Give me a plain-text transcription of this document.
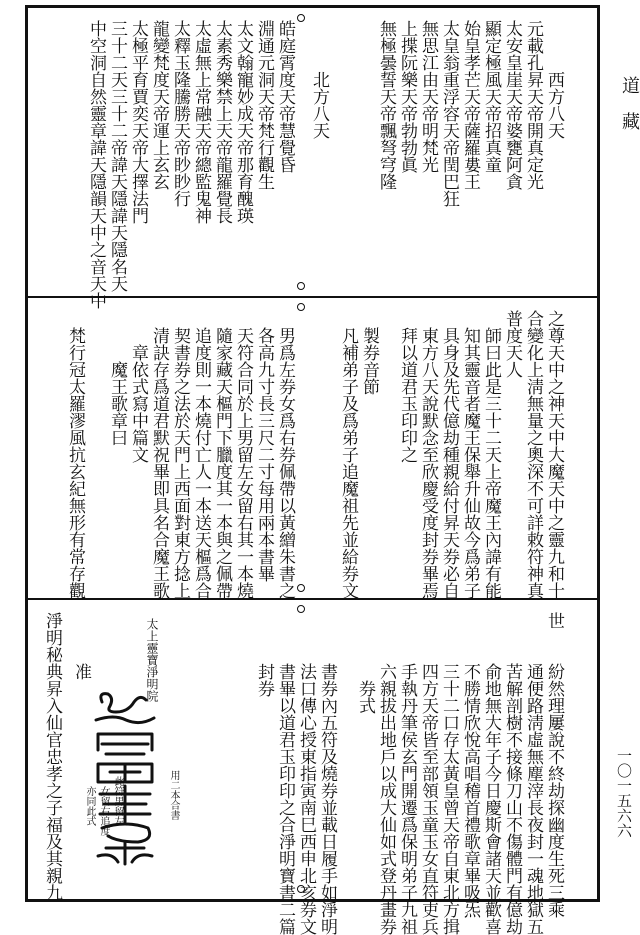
道　藏
一〇一五六六
　　　西方八天
元載孔昇天帝開真定光
太安皇崖天帝婆甕阿貪
顯定極風天帝招真童
始皇孝芒天帝薩羅婁王
太皇翁重浮容天帝閏巴狂
無思江由天帝明梵光
上揲阮樂天帝勃勃眞
無極曇誓天帝飄弩穹隆
　　　北方八天
皓庭霄度天帝慧覺昏
淵通元洞天帝梵行觀生
太文翰寵妙成天帝那育醜瑛
太素秀樂禁上天帝龍羅覺長
太虛無上常融天帝總監鬼神
太釋玉隆騰勝天帝眇眇行
龍變梵度天帝運上玄玄
太極平育賈奕天帝大擇法門
三十二天三十二帝諱天隱諱天隱名天
中空洞自然靈章諱天隱韻天中之音天中
之尊天中之神天中大魔天中之靈九和十
合變化上淸無量之奧深不可詳敕符神真
普度天人
　師曰此是三十二天上帝魔王內諱有能
　知其靈音者魔王保舉升仙故今爲弟子
　具身及先代億劫種親給付昇天券必自
　東方八天說默念至欣慶受度封券畢焉
　拜以道君玉印印之
　製券音節
　凡補弟子及爲弟子追魔祖先並給券文
　男爲左券女爲右券佩帶以黃繒朱書之
　各高九寸長三尺二寸每用兩本書畢
　天符合同於上男留左女留右其一本燒
　隨家藏天樞門下臘度其一本與之佩帶
　追度則一本燒付亡人一本送天樞爲合
　契書券之法於天門上西面對東方捻上
　清訣存爲道君默祝畢即具名合魔王歌
　　章依式寫中篇文
　　　魔王歌章曰
　梵行冠太羅漻風抗玄紀無形有常存觀
世　　紛然理屢說不終劫探幽度生死三乘
　　　通便路淸虛無塵滓長夜封一魂地獄五
　　　苦解剖樹不接條刀山不傷體門有億劫
　　　俞地無大年子今日慶斯會諸天並歡喜
　　　不勝情欣悅高唱稽首禮歌章畢吸炁
　　　三十二口存太黃皇曾天帝自東北方揖
　　　四方天帝皆至部領玉童玉女直符吏兵
　　　手執丹筆侯玄門開遷爲保明弟子九祖
　　　六親拔出地戶以成大仙如式登丹畫券
　　　　券式
　　　書券內五符及燒券並載日履手如淨明
　　　法口傳心授東指寅南巳西申北亥券文
　　　書畢以道君玉印印之合淨明寶書二篇
　　　封券
太上靈寶淨明院
用二本合書
此符男留左
女留右追度
亦同此式
　　　准
淨明秘典昇入仙官忠孝之子福及其親九
